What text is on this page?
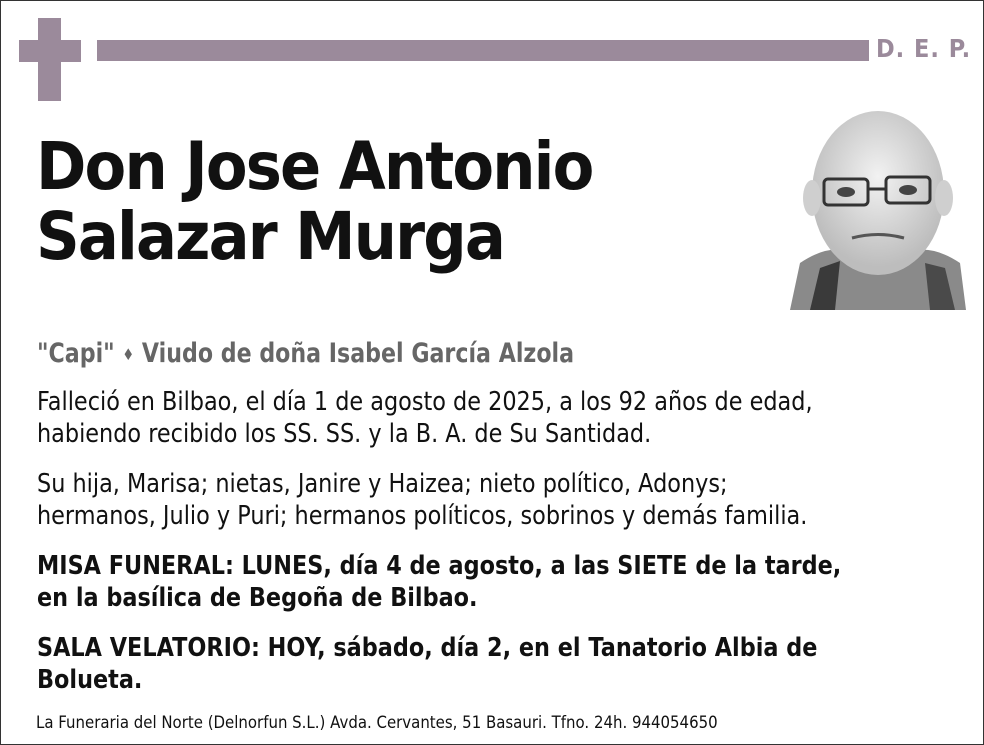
D. E. P.
Don Jose Antonio
Salazar Murga
"Capi" ♦ Viudo de doña Isabel García Alzola
Falleció en Bilbao, el día 1 de agosto de 2025, a los 92 años de edad,
habiendo recibido los SS. SS. y la B. A. de Su Santidad.
Su hija, Marisa; nietas, Janire y Haizea; nieto político, Adonys;
hermanos, Julio y Puri; hermanos políticos, sobrinos y demás familia.
MISA FUNERAL: LUNES, día 4 de agosto, a las SIETE de la tarde,
en la basílica de Begoña de Bilbao.
SALA VELATORIO: HOY, sábado, día 2, en el Tanatorio Albia de
Bolueta.
La Funeraria del Norte (Delnorfun S.L.) Avda. Cervantes, 51 Basauri. Tfno. 24h. 944054650
